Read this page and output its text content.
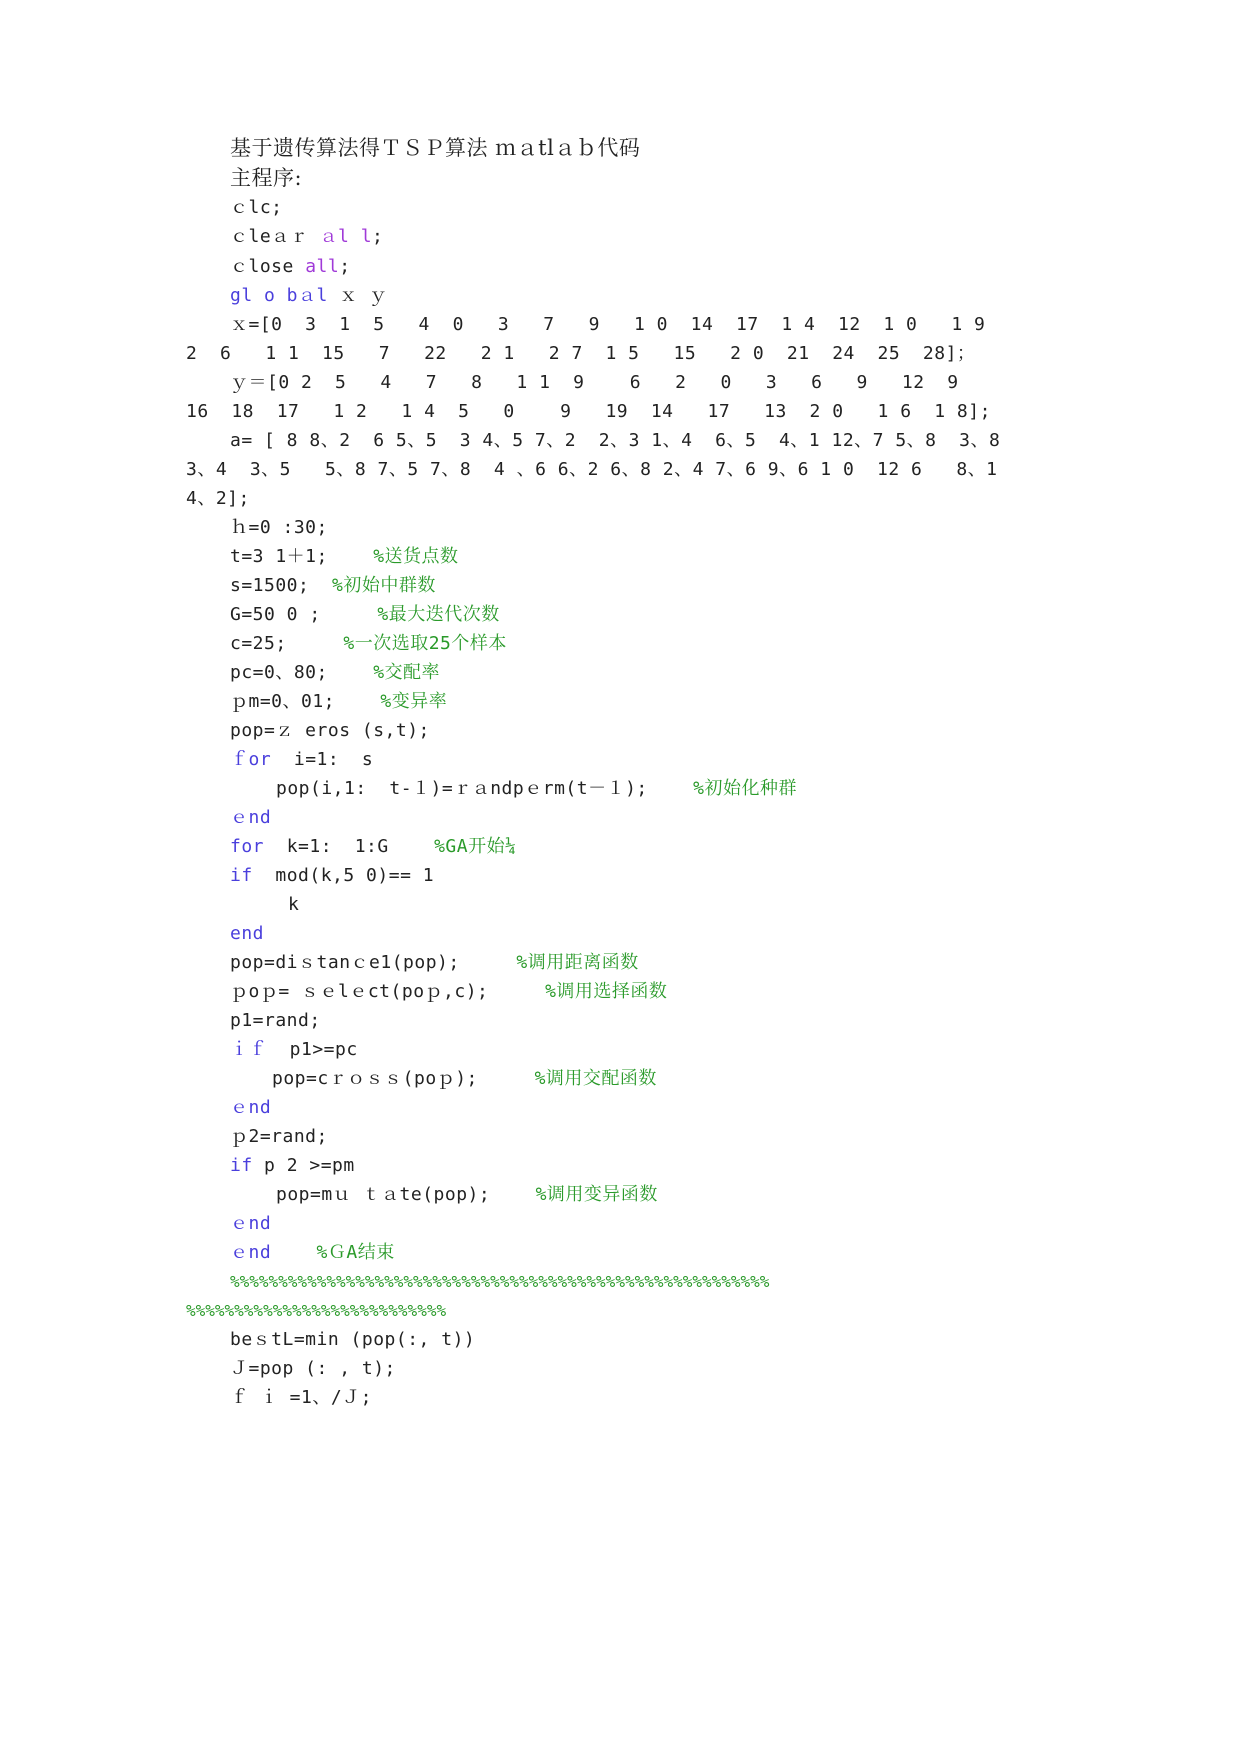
基于遗传算法得ＴＳＰ算法 ｍａtlａｂ代码
主程序:
ｃlc;
ｃleａｒ ａl l;
ｃlose all;
gl o bａl ｘ ｙ
ｘ=[0  3  1  5   4  0   3   7   9   1 0  14  17  1 4  12  1 0   1 9
2  6   1 1  15   7   22   2 1   2 7  1 5   15   2 0  21  24  25  28]；
ｙ＝[0 2  5   4   7   8   1 1  9    6   2   0   3   6   9   12  9
16  18  17   1 2   1 4  5   0    9   19  14   17   13  2 0   1 6  1 8];
a= [ 8 8、2  6 5、5  3 4、5 7、2  2、3 1、4  6、5  4、1 12、7 5、8  3、8
3、4  3、5   5、8 7、5 7、8  4 、6 6、2 6、8 2、4 7、6 9、6 1 0  12 6   8、1
4、2];
ｈ=0 :30;
t=3 1＋1;    %送货点数
s=1500;  %初始中群数
G=50 0 ;     %最大迭代次数
c=25;     %一次选取25个样本
pc=0、80;    %交配率
ｐm=0、01;    %变异率
pop=ｚ eros (s,t);
ｆor  i=1:  s
pop(i,1:  t-１)=ｒａndpｅrm(t－１);    %初始化种群
ｅnd
for  k=1:  1:G    %GA开始¼
if  mod(k,5 0)== 1
k
end
pop=diｓtanｃe1(pop);     %调用距离函数
ｐoｐ= ｓｅlｅct(poｐ,c);     %调用选择函数
p1=rand;
ｉｆ  p1>=pc
pop=cｒｏｓｓ(poｐ);     %调用交配函数
ｅnd
ｐ2=rand;
if p 2 >=pm
pop=mｕ ｔａte(pop);    %调用变异函数
ｅnd
ｅnd    %ＧA结束
%%%%%%%%%%%%%%%%%%%%%%%%%%%%%%%%%%%%%%%%%%%%%%%%%%%%%%%%
%%%%%%%%%%%%%%%%%%%%%%%%%%%
beｓtL=min (pop(:, t))
Ｊ=pop (: , t);
ｆ ｉ =1、/Ｊ;
